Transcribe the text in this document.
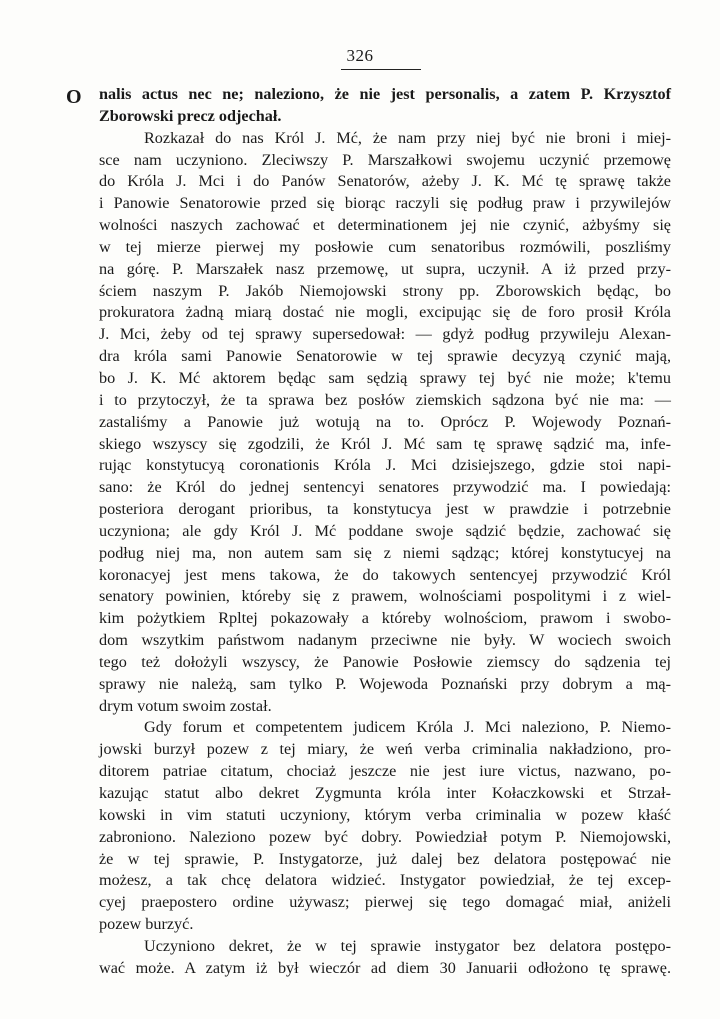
326
O nalis actus nec ne; naleziono, że nie jest personalis, a zatem P. Krzysztof
Zborowski precz odjechał.
Rozkazał do nas Król J. Mć, że nam przy niej być nie broni i miej-
sce nam uczyniono. Zleciwszy P. Marszałkowi swojemu uczynić przemowę
do Króla J. Mci i do Panów Senatorów, ażeby J. K. Mć tę sprawę także
i Panowie Senatorowie przed się biorąc raczyli się podług praw i przywilejów
wolności naszych zachować et determinationem jej nie czynić, ażbyśmy się
w tej mierze pierwej my posłowie cum senatoribus rozmówili, poszliśmy
na górę. P. Marszałek nasz przemowę, ut supra, uczynił. A iż przed przy-
ściem naszym P. Jakób Niemojowski strony pp. Zborowskich będąc, bo
prokuratora żadną miarą dostać nie mogli, excipując się de foro prosił Króla
J. Mci, żeby od tej sprawy supersedował: — gdyż podług przywileju Alexan-
dra króla sami Panowie Senatorowie w tej sprawie decyzyą czynić mają,
bo J. K. Mć aktorem będąc sam sędzią sprawy tej być nie może; k'temu
i to przytoczył, że ta sprawa bez posłów ziemskich sądzona być nie ma: —
zastaliśmy a Panowie już wotują na to. Oprócz P. Wojewody Poznań-
skiego wszyscy się zgodzili, że Król J. Mć sam tę sprawę sądzić ma, infe-
rując konstytucyą coronationis Króla J. Mci dzisiejszego, gdzie stoi napi-
sano: że Król do jednej sentencyi senatores przywodzić ma. I powiedają:
posteriora derogant prioribus, ta konstytucya jest w prawdzie i potrzebnie
uczyniona; ale gdy Król J. Mć poddane swoje sądzić będzie, zachować się
podług niej ma, non autem sam się z niemi sądząc; której konstytucyej na
koronacyej jest mens takowa, że do takowych sentencyej przywodzić Król
senatory powinien, któreby się z prawem, wolnościami pospolitymi i z wiel-
kim pożytkiem Rpltej pokazowały a któreby wolnościom, prawom i swobo-
dom wszytkim państwom nadanym przeciwne nie były. W wociech swoich
tego też dołożyli wszyscy, że Panowie Posłowie ziemscy do sądzenia tej
sprawy nie należą, sam tylko P. Wojewoda Poznański przy dobrym a mą-
drym votum swoim został.
Gdy forum et competentem judicem Króla J. Mci naleziono, P. Niemo-
jowski burzył pozew z tej miary, że weń verba criminalia nakładziono, pro-
ditorem patriae citatum, chociaż jeszcze nie jest iure victus, nazwano, po-
kazując statut albo dekret Zygmunta króla inter Kołaczkowski et Strzał-
kowski in vim statuti uczyniony, którym verba criminalia w pozew kłaść
zabroniono. Naleziono pozew być dobry. Powiedział potym P. Niemojowski,
że w tej sprawie, P. Instygatorze, już dalej bez delatora postępować nie
możesz, a tak chcę delatora widzieć. Instygator powiedział, że tej excep-
cyej praepostero ordine używasz; pierwej się tego domagać miał, aniżeli
pozew burzyć.
Uczyniono dekret, że w tej sprawie instygator bez delatora postępo-
wać może. A zatym iż był wieczór ad diem 30 Januarii odłożono tę sprawę.
